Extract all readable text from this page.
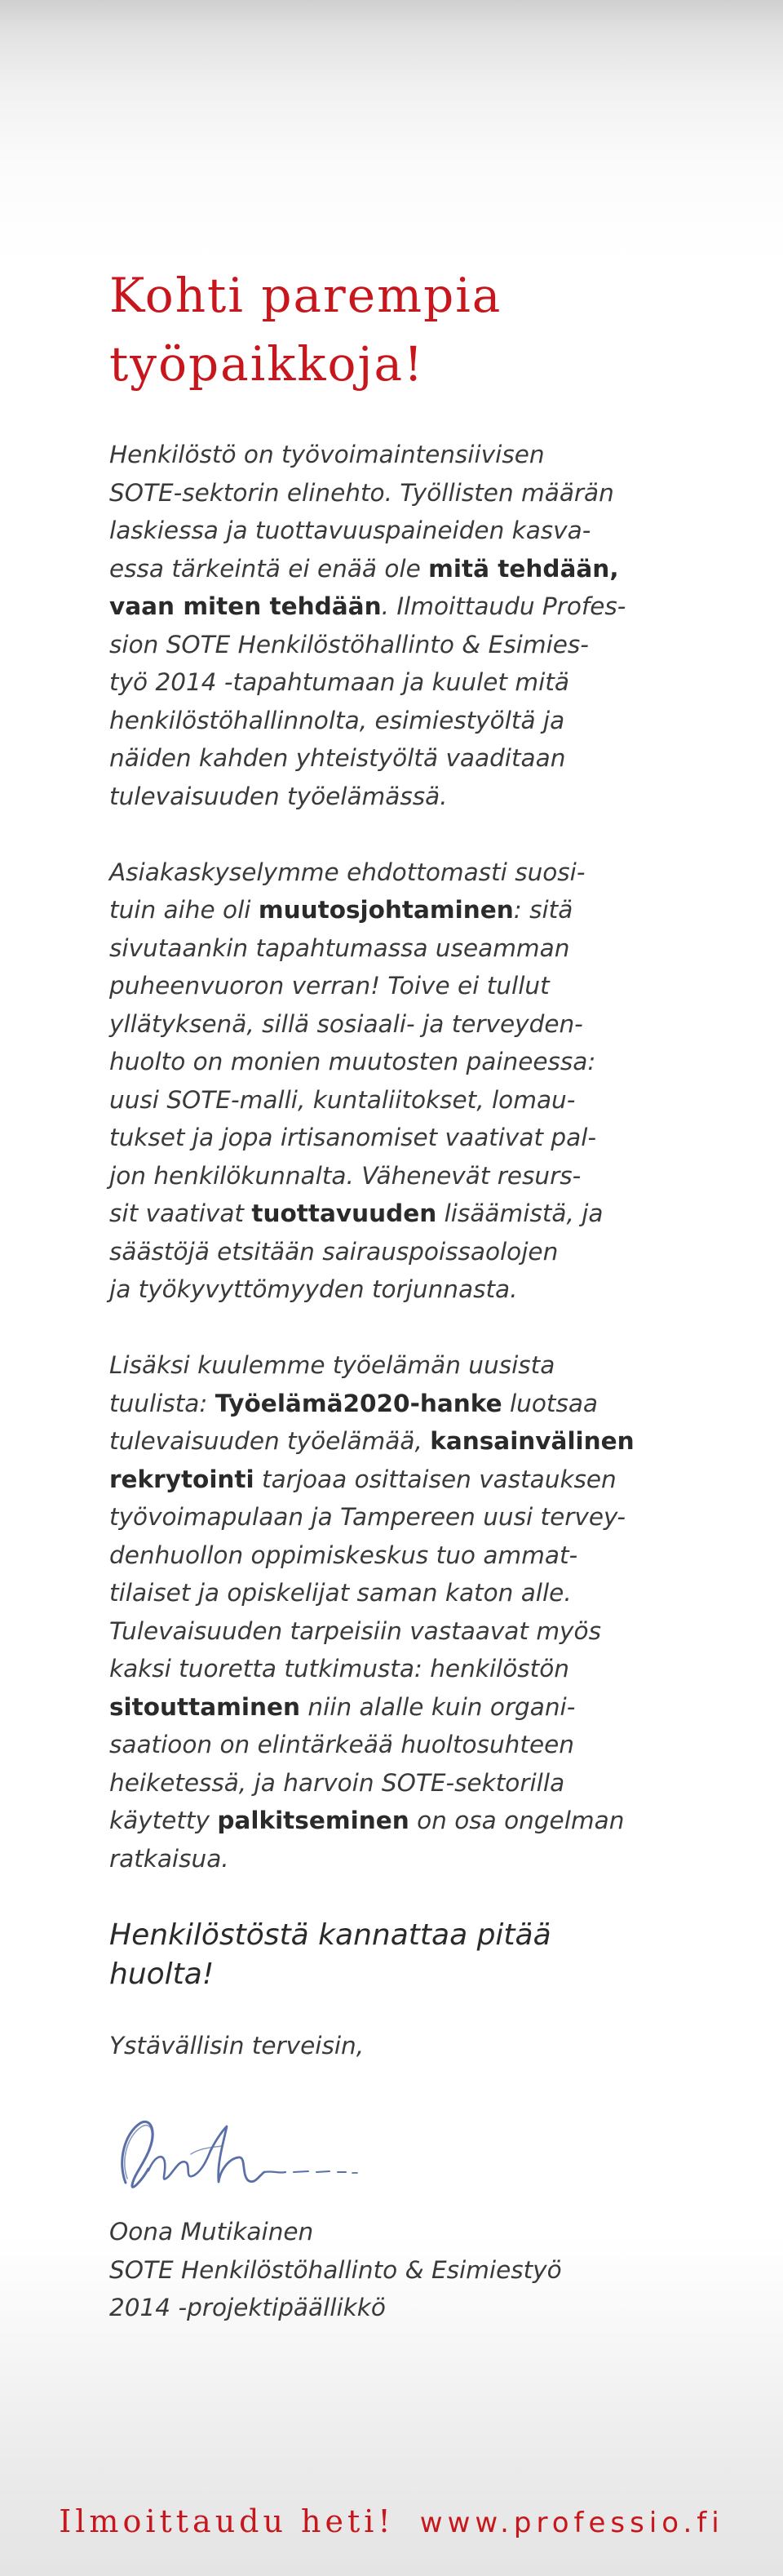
Kohti parempia
työpaikkoja!

Henkilöstö on työvoimaintensiivisen
SOTE-sektorin elinehto. Työllisten määrän
laskiessa ja tuottavuuspaineiden kasva-
essa tärkeintä ei enää ole mitä tehdään,
vaan miten tehdään. Ilmoittaudu Profes-
sion SOTE Henkilöstöhallinto & Esimies-
työ 2014 -tapahtumaan ja kuulet mitä
henkilöstöhallinnolta, esimiestyöltä ja
näiden kahden yhteistyöltä vaaditaan
tulevaisuuden työelämässä.

Asiakaskyselymme ehdottomasti suosi-
tuin aihe oli muutosjohtaminen: sitä
sivutaankin tapahtumassa useamman
puheenvuoron verran! Toive ei tullut
yllätyksenä, sillä sosiaali- ja terveyden-
huolto on monien muutosten paineessa:
uusi SOTE-malli, kuntaliitokset, lomau-
tukset ja jopa irtisanomiset vaativat pal-
jon henkilökunnalta. Vähenevät resurs-
sit vaativat tuottavuuden lisäämistä, ja
säästöjä etsitään sairauspoissaolojen
ja työkyvyttömyyden torjunnasta.

Lisäksi kuulemme työelämän uusista
tuulista: Työelämä2020-hanke luotsaa
tulevaisuuden työelämää, kansainvälinen
rekrytointi tarjoaa osittaisen vastauksen
työvoimapulaan ja Tampereen uusi tervey-
denhuollon oppimiskeskus tuo ammat-
tilaiset ja opiskelijat saman katon alle.
Tulevaisuuden tarpeisiin vastaavat myös
kaksi tuoretta tutkimusta: henkilöstön
sitouttaminen niin alalle kuin organi-
saatioon on elintärkeää huoltosuhteen
heiketessä, ja harvoin SOTE-sektorilla
käytetty palkitseminen on osa ongelman
ratkaisua.

Henkilöstöstä kannattaa pitää
huolta!

Ystävällisin terveisin,

Oona Mutikainen
SOTE Henkilöstöhallinto & Esimiestyö
2014 -projektipäällikkö
Ilmoittaudu heti! www.professio.fi
